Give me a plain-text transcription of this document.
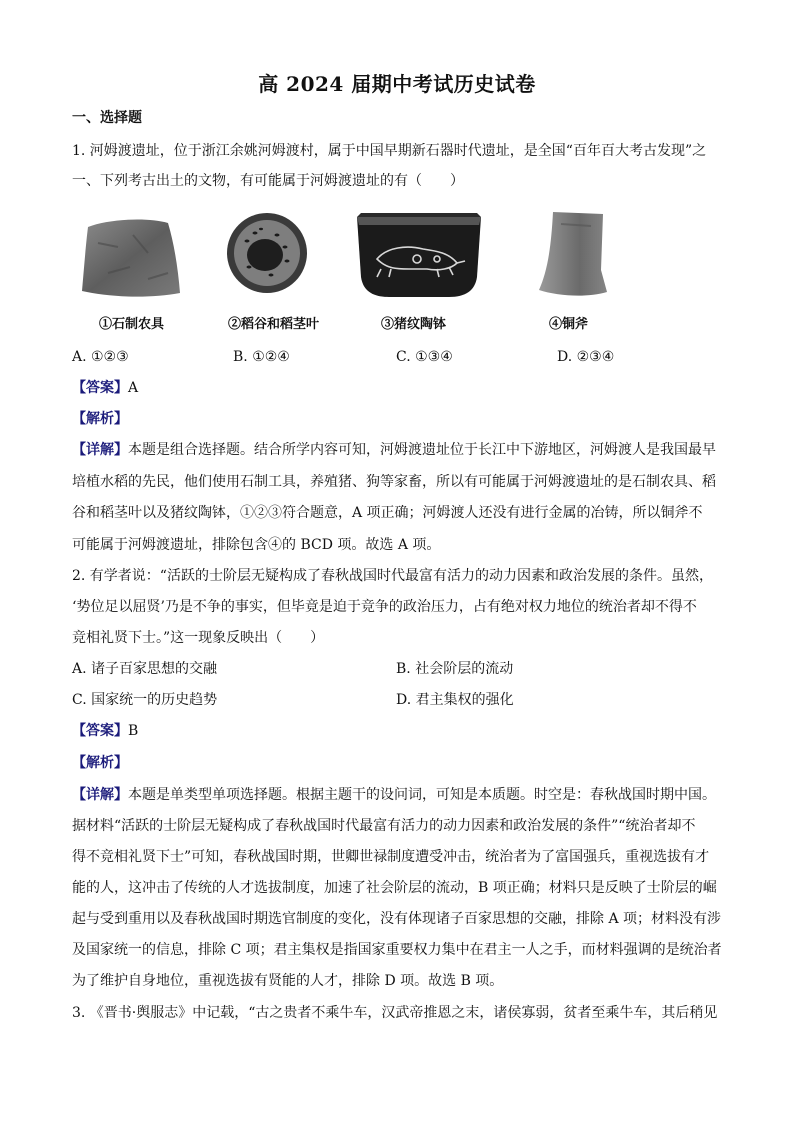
高 2024 届期中考试历史试卷
一、选择题
1. 河姆渡遗址，位于浙江余姚河姆渡村，属于中国早期新石器时代遗址，是全国“百年百大考古发现”之
一、下列考古出土的文物，有可能属于河姆渡遗址的有（　　）
①石制农具	②稻谷和稻茎叶	③猪纹陶钵	④铜斧
A. ①②③	B. ①②④	C. ①③④	D. ②③④
【答案】A
【解析】
【详解】本题是组合选择题。结合所学内容可知，河姆渡遗址位于长江中下游地区，河姆渡人是我国最早
培植水稻的先民，他们使用石制工具，养殖猪、狗等家畜，所以有可能属于河姆渡遗址的是石制农具、稻
谷和稻茎叶以及猪纹陶钵，①②③符合题意，A 项正确；河姆渡人还没有进行金属的冶铸，所以铜斧不
可能属于河姆渡遗址，排除包含④的 BCD 项。故选 A 项。
2. 有学者说：“活跃的士阶层无疑构成了春秋战国时代最富有活力的动力因素和政治发展的条件。虽然，
‘势位足以屈贤’乃是不争的事实，但毕竟是迫于竞争的政治压力，占有绝对权力地位的统治者却不得不
竞相礼贤下士。”这一现象反映出（　　）
A. 诸子百家思想的交融	B. 社会阶层的流动
C. 国家统一的历史趋势	D. 君主集权的强化
【答案】B
【解析】
【详解】本题是单类型单项选择题。根据主题干的设问词，可知是本质题。时空是：春秋战国时期中国。
据材料“活跃的士阶层无疑构成了春秋战国时代最富有活力的动力因素和政治发展的条件”“统治者却不
得不竞相礼贤下士”可知，春秋战国时期，世卿世禄制度遭受冲击，统治者为了富国强兵，重视选拔有才
能的人，这冲击了传统的人才选拔制度，加速了社会阶层的流动，B 项正确；材料只是反映了士阶层的崛
起与受到重用以及春秋战国时期选官制度的变化，没有体现诸子百家思想的交融，排除 A 项；材料没有涉
及国家统一的信息，排除 C 项；君主集权是指国家重要权力集中在君主一人之手，而材料强调的是统治者
为了维护自身地位，重视选拔有贤能的人才，排除 D 项。故选 B 项。
3. 《晋书·舆服志》中记载，“古之贵者不乘牛车，汉武帝推恩之末，诸侯寡弱，贫者至乘牛车，其后稍见
